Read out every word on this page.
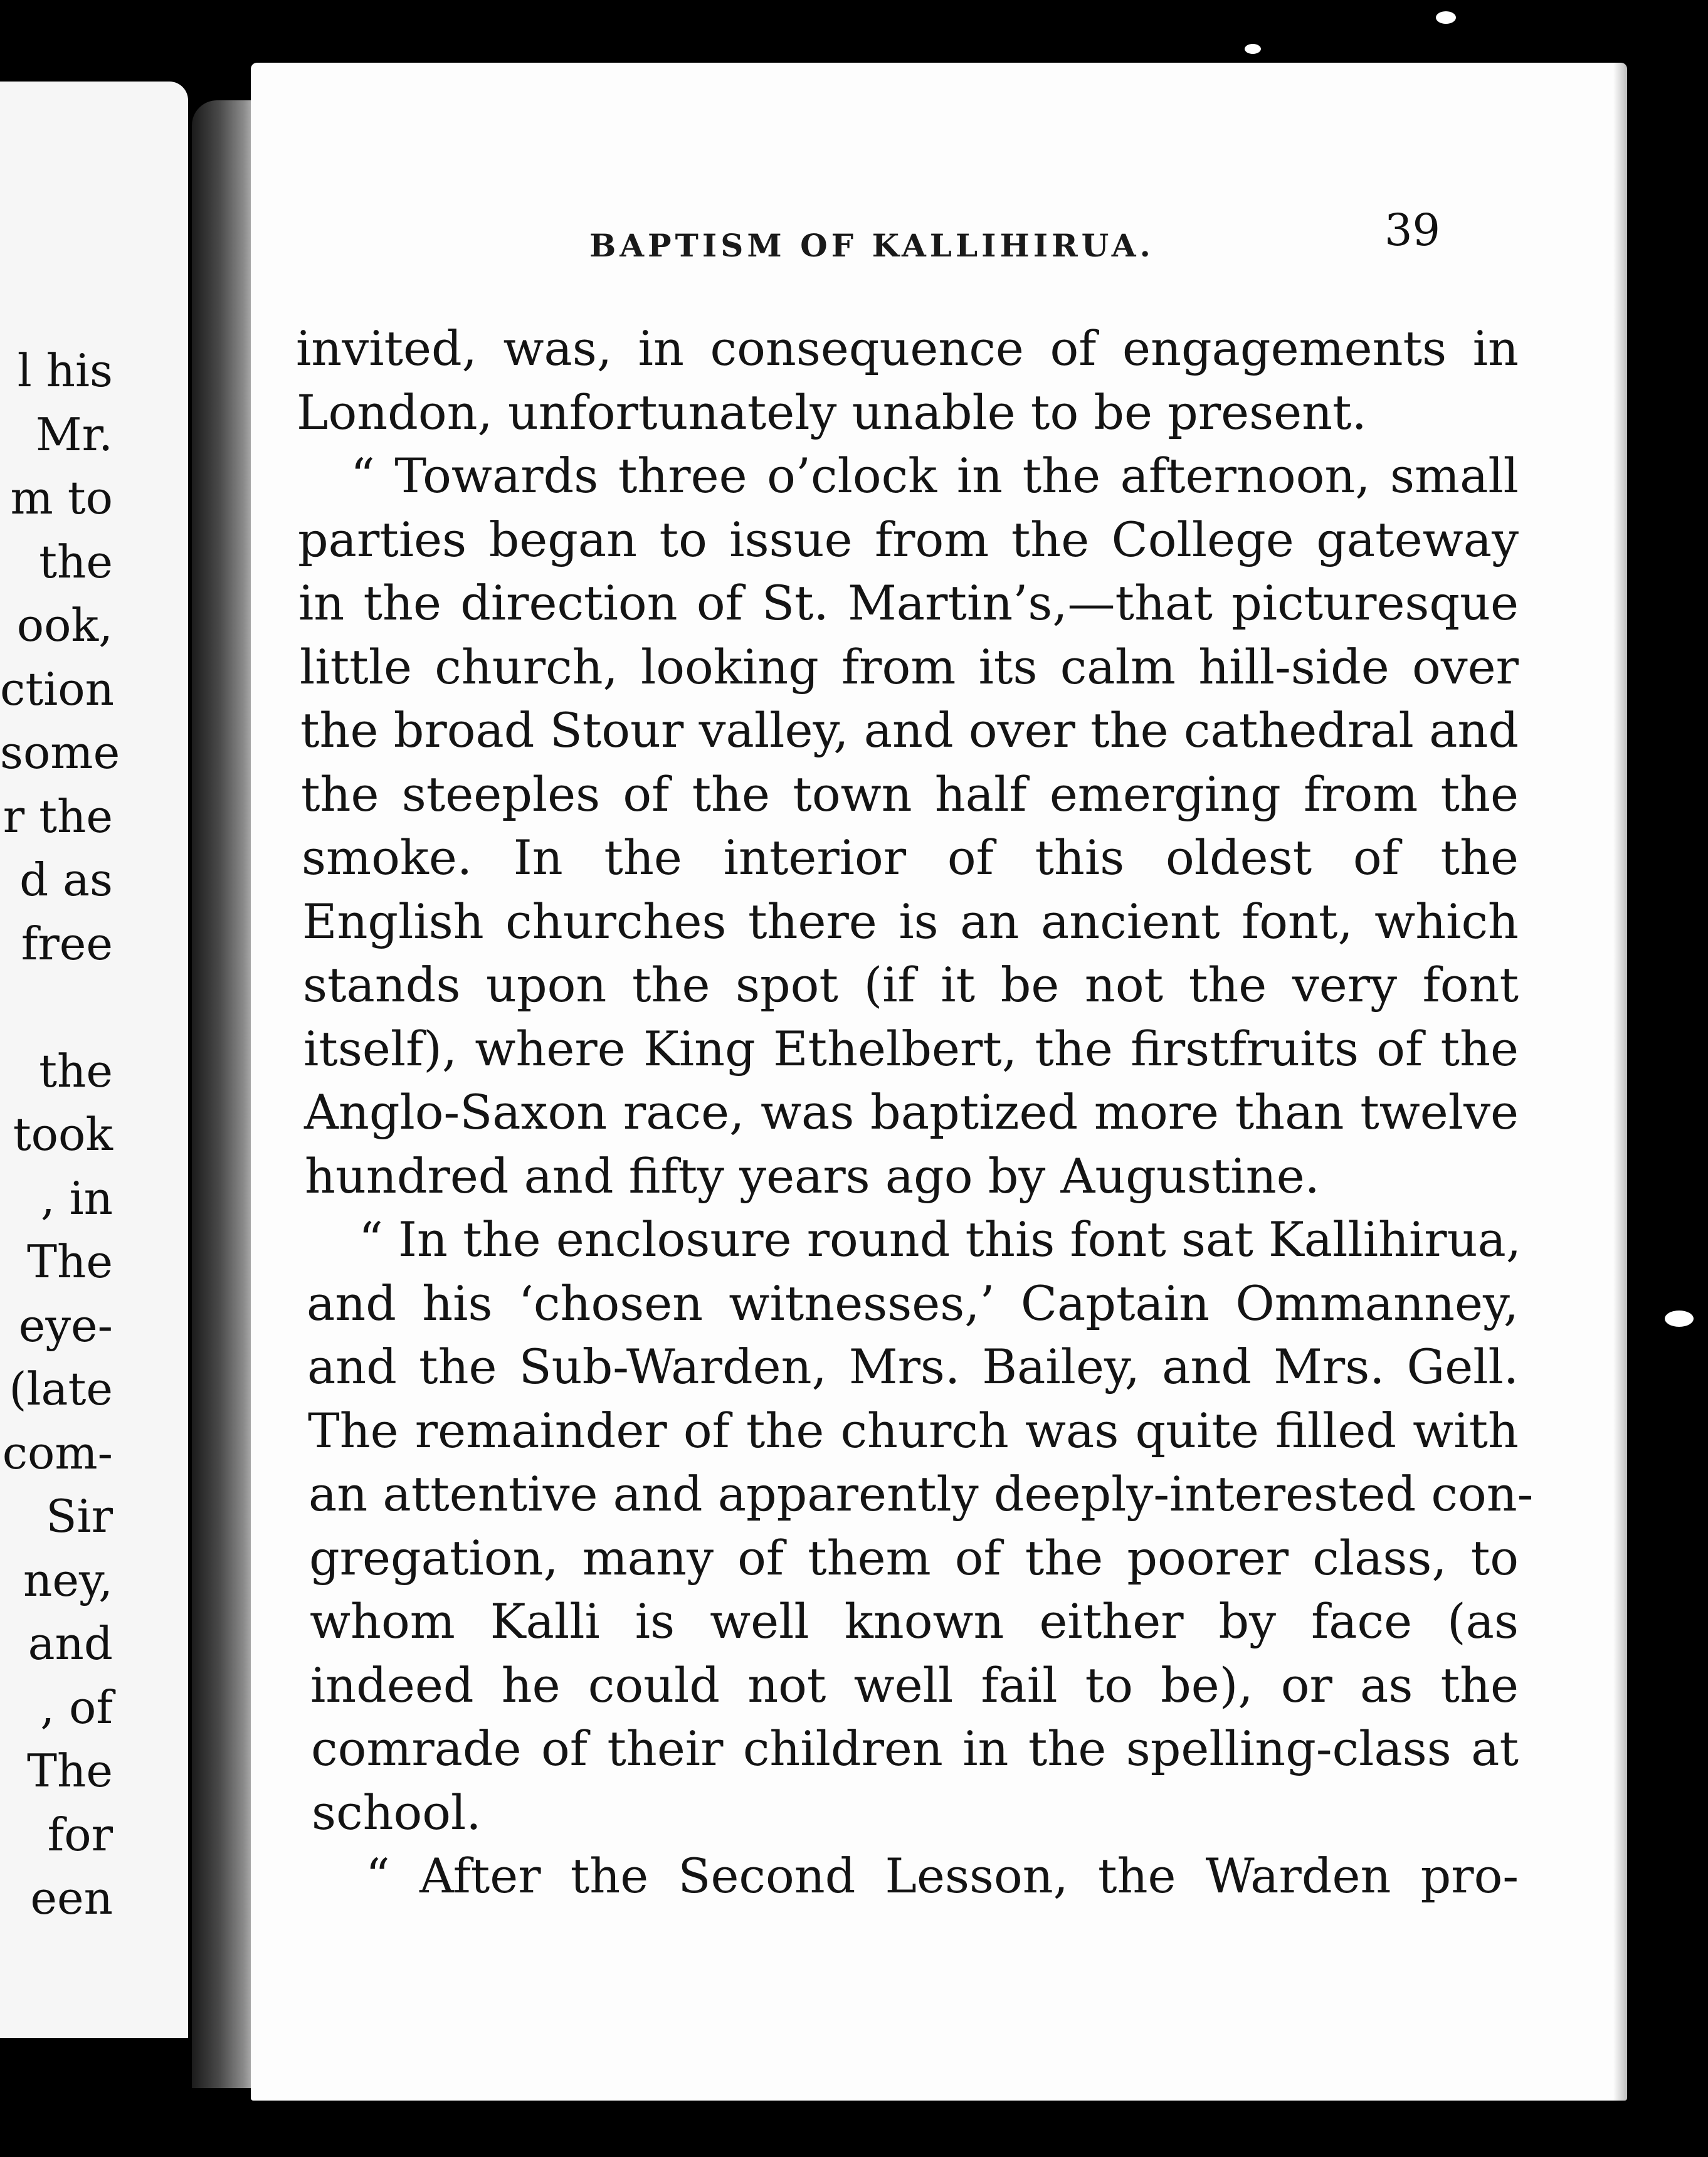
l his
Mr.
m to
the
ook,
ction
some
r the
d as
free
the
took
, in
The
eye-
(late
com-
Sir
ney,
and
, of
The
for
een
BAPTISM OF KALLIHIRUA.	39
invited, was, in consequence of engagements in
London, unfortunately unable to be present.
“ Towards three o’clock in the afternoon, small
parties began to issue from the College gateway
in the direction of St. Martin’s,—that picturesque
little church, looking from its calm hill-side over
the broad Stour valley, and over the cathedral and
the steeples of the town half emerging from the
smoke. In the interior of this oldest of the
English churches there is an ancient font, which
stands upon the spot (if it be not the very font
itself), where King Ethelbert, the firstfruits of the
Anglo-Saxon race, was baptized more than twelve
hundred and fifty years ago by Augustine.
“ In the enclosure round this font sat Kallihirua,
and his ‘chosen witnesses,’ Captain Ommanney,
and the Sub-Warden, Mrs. Bailey, and Mrs. Gell.
The remainder of the church was quite filled with
an attentive and apparently deeply-interested con-
gregation, many of them of the poorer class, to
whom Kalli is well known either by face (as
indeed he could not well fail to be), or as the
comrade of their children in the spelling-class at
school.
“ After the Second Lesson, the Warden pro-
